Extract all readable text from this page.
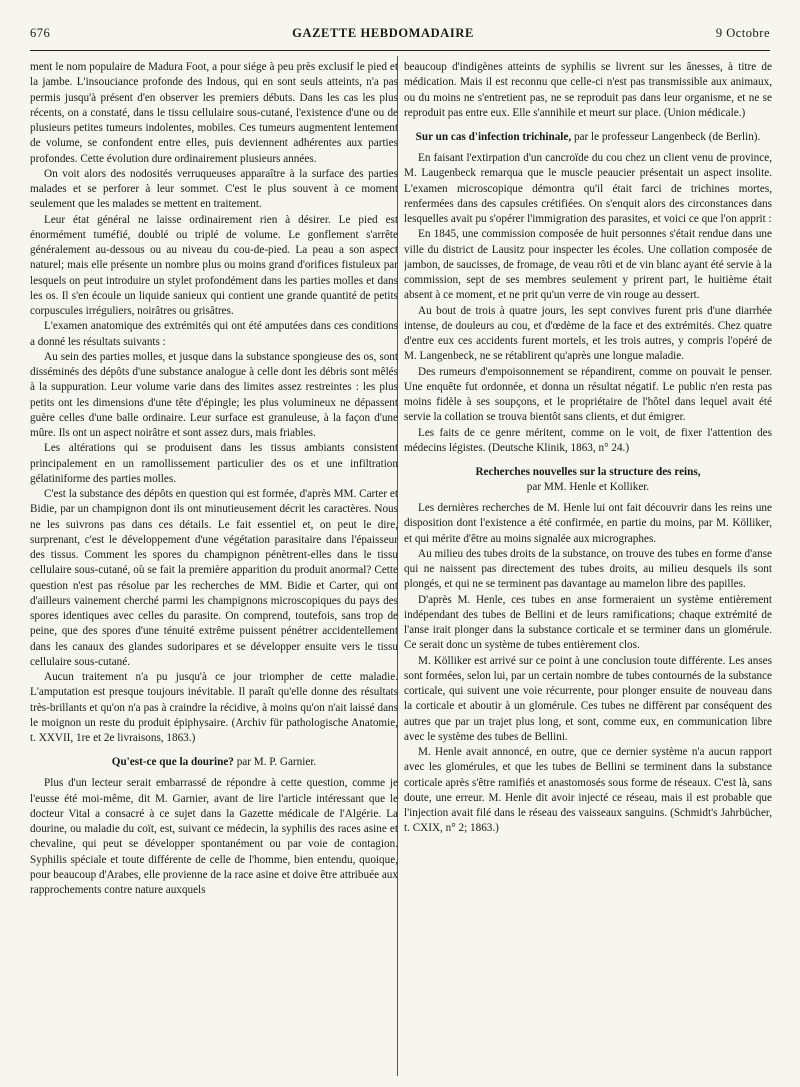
676	GAZETTE HEBDOMADAIRE	9 Octobre

ment le nom populaire de Madura Foot, a pour siége à peu près exclusif le pied et la jambe. L'insouciance profonde des Indous, qui en sont seuls atteints, n'a pas permis jusqu'à présent d'en observer les premiers débuts. Dans les cas les plus récents, on a constaté, dans le tissu cellulaire sous-cutané, l'existence d'une ou de plusieurs petites tumeurs indolentes, mobiles. Ces tumeurs augmentent lentement de volume, se confondent entre elles, puis deviennent adhérentes aux parties profondes. Cette évolution dure ordinairement plusieurs années.

On voit alors des nodosités verruqueuses apparaître à la surface des parties malades et se perforer à leur sommet. C'est le plus souvent à ce moment seulement que les malades se mettent en traitement.

Leur état général ne laisse ordinairement rien à désirer. Le pied est énormément tuméfié, doublé ou triplé de volume. Le gonflement s'arrête généralement au-dessous ou au niveau du cou-de-pied. La peau a son aspect naturel; mais elle présente un nombre plus ou moins grand d'orifices fistuleux par lesquels on peut introduire un stylet profondément dans les parties molles et dans les os. Il s'en écoule un liquide sanieux qui contient une grande quantité de petits corpuscules irréguliers, noirâtres ou grisâtres.

L'examen anatomique des extrémités qui ont été amputées dans ces conditions a donné les résultats suivants :

Au sein des parties molles, et jusque dans la substance spongieuse des os, sont disséminés des dépôts d'une substance analogue à celle dont les débris sont mêlés à la suppuration. Leur volume varie dans des limites assez restreintes : les plus petits ont les dimensions d'une tête d'épingle; les plus volumineux ne dépassent guère celles d'une balle ordinaire. Leur surface est granuleuse, à la façon d'une mûre. Ils ont un aspect noirâtre et sont assez durs, mais friables.

Les altérations qui se produisent dans les tissus ambiants consistent principalement en un ramollissement particulier des os et une infiltration gélatiniforme des parties molles.

C'est la substance des dépôts en question qui est formée, d'après MM. Carter et Bidie, par un champignon dont ils ont minutieusement décrit les caractères. Nous ne les suivrons pas dans ces détails. Le fait essentiel et, on peut le dire, surprenant, c'est le développement d'une végétation parasitaire dans l'épaisseur des tissus. Comment les spores du champignon pénètrent-elles dans le tissu cellulaire sous-cutané, où se fait la première apparition du produit anormal? Cette question n'est pas résolue par les recherches de MM. Bidie et Carter, qui ont d'ailleurs vainement cherché parmi les champignons microscopiques du pays des spores identiques avec celles du parasite. On comprend, toutefois, sans trop de peine, que des spores d'une ténuité extrême puissent pénétrer accidentellement dans les canaux des glandes sudoripares et se développer ensuite vers le tissu cellulaire sous-cutané.

Aucun traitement n'a pu jusqu'à ce jour triompher de cette maladie. L'amputation est presque toujours inévitable. Il paraît qu'elle donne des résultats très-brillants et qu'on n'a pas à craindre la récidive, à moins qu'on n'ait laissé dans le moignon un reste du produit épiphysaire. (Archiv für pathologische Anatomie, t. XXVII, 1re et 2e livraisons, 1863.)

Qu'est-ce que la dourine? par M. P. Garnier.

Plus d'un lecteur serait embarrassé de répondre à cette question, comme je l'eusse été moi-même, dit M. Garnier, avant de lire l'article intéressant que le docteur Vital a consacré à ce sujet dans la Gazette médicale de l'Algérie. La dourine, ou maladie du coït, est, suivant ce médecin, la syphilis des races asine et chevaline, qui peut se développer spontanément ou par voie de contagion. Syphilis spéciale et toute différente de celle de l'homme, bien entendu, quoique, pour beaucoup d'Arabes, elle provienne de la race asine et doive être attribuée aux rapprochements contre nature auxquels

beaucoup d'indigènes atteints de syphilis se livrent sur les ânesses, à titre de médication. Mais il est reconnu que celle-ci n'est pas transmissible aux animaux, ou du moins ne s'entretient pas, ne se reproduit pas dans leur organisme, et ne se reproduit pas entre eux. Elle s'annihile et meurt sur place. (Union médicale.)

Sur un cas d'infection trichinale, par le professeur Langenbeck (de Berlin).

En faisant l'extirpation d'un cancroïde du cou chez un client venu de province, M. Laugenbeck remarqua que le muscle peaucier présentait un aspect insolite. L'examen microscopique démontra qu'il était farci de trichines mortes, renfermées dans des capsules crétifiées. On s'enquit alors des circonstances dans lesquelles avait pu s'opérer l'immigration des parasites, et voici ce que l'on apprit :

En 1845, une commission composée de huit personnes s'était rendue dans une ville du district de Lausitz pour inspecter les écoles. Une collation composée de jambon, de saucisses, de fromage, de veau rôti et de vin blanc ayant été servie à la commission, sept de ses membres seulement y prirent part, le huitième était absent à ce moment, et ne prit qu'un verre de vin rouge au dessert.

Au bout de trois à quatre jours, les sept convives furent pris d'une diarrhée intense, de douleurs au cou, et d'œdème de la face et des extrémités. Chez quatre d'entre eux ces accidents furent mortels, et les trois autres, y compris l'opéré de M. Langenbeck, ne se rétablirent qu'après une longue maladie.

Des rumeurs d'empoisonnement se répandirent, comme on pouvait le penser. Une enquête fut ordonnée, et donna un résultat négatif. Le public n'en resta pas moins fidèle à ses soupçons, et le propriétaire de l'hôtel dans lequel avait été servie la collation se trouva bientôt sans clients, et dut émigrer.

Les faits de ce genre méritent, comme on le voit, de fixer l'attention des médecins légistes. (Deutsche Klinik, 1863, n° 24.)

Recherches nouvelles sur la structure des reins,
par MM. Henle et Kolliker.

Les dernières recherches de M. Henle lui ont fait découvrir dans les reins une disposition dont l'existence a été confirmée, en partie du moins, par M. Kölliker, et qui mérite d'être au moins signalée aux micrographes.

Au milieu des tubes droits de la substance, on trouve des tubes en forme d'anse qui ne naissent pas directement des tubes droits, au milieu desquels ils sont plongés, et qui ne se terminent pas davantage au mamelon libre des papilles.

D'après M. Henle, ces tubes en anse formeraient un système entièrement indépendant des tubes de Bellini et de leurs ramifications; chaque extrémité de l'anse irait plonger dans la substance corticale et se terminer dans un glomérule. Ce serait donc un système de tubes entièrement clos.

M. Kölliker est arrivé sur ce point à une conclusion toute différente. Les anses sont formées, selon lui, par un certain nombre de tubes contournés de la substance corticale, qui suivent une voie récurrente, pour plonger ensuite de nouveau dans la corticale et aboutir à un glomérule. Ces tubes ne diffèrent par conséquent des autres que par un trajet plus long, et sont, comme eux, en communication libre avec le système des tubes de Bellini.

M. Henle avait annoncé, en outre, que ce dernier système n'a aucun rapport avec les glomérules, et que les tubes de Bellini se terminent dans la substance corticale après s'être ramifiés et anastomosés sous forme de réseaux. C'est là, sans doute, une erreur. M. Henle dit avoir injecté ce réseau, mais il est probable que l'injection avait filé dans le réseau des vaisseaux sanguins. (Schmidt's Jahrbücher, t. CXIX, n° 2; 1863.)
